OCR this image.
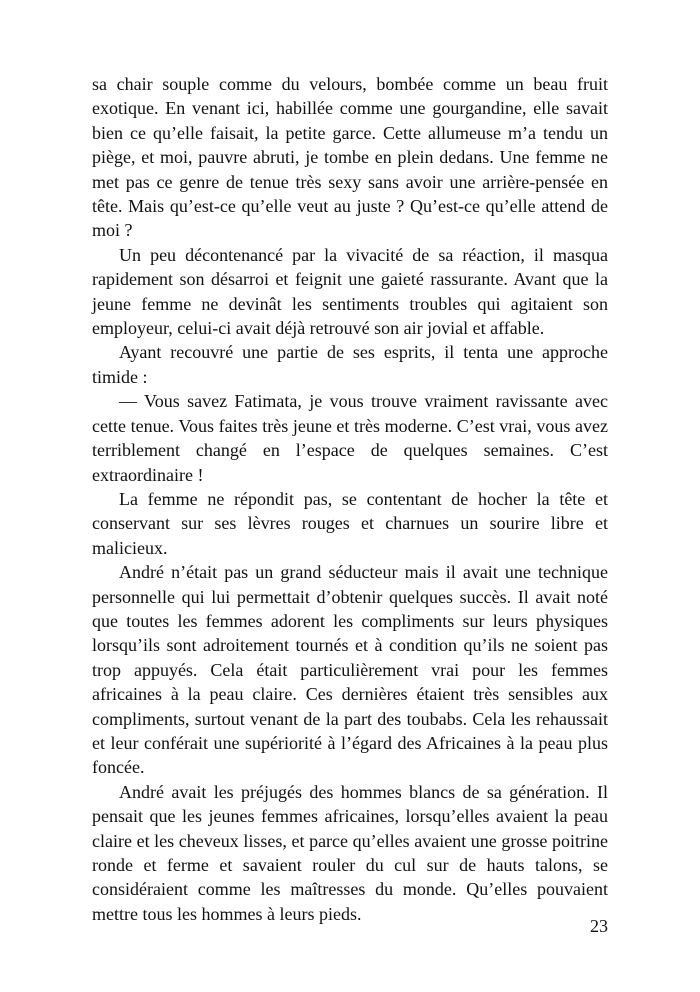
sa chair souple comme du velours, bombée comme un beau fruit exotique. En venant ici, habillée comme une gourgandine, elle savait bien ce qu’elle faisait, la petite garce. Cette allumeuse m’a tendu un piège, et moi, pauvre abruti, je tombe en plein dedans. Une femme ne met pas ce genre de tenue très sexy sans avoir une arrière-pensée en tête. Mais qu’est-ce qu’elle veut au juste ? Qu’est-ce qu’elle attend de moi ?

Un peu décontenancé par la vivacité de sa réaction, il masqua rapidement son désarroi et feignit une gaieté rassurante. Avant que la jeune femme ne devinât les sentiments troubles qui agitaient son employeur, celui-ci avait déjà retrouvé son air jovial et affable.

Ayant recouvré une partie de ses esprits, il tenta une approche timide :

— Vous savez Fatimata, je vous trouve vraiment ravissante avec cette tenue. Vous faites très jeune et très moderne. C’est vrai, vous avez terriblement changé en l’espace de quelques semaines. C’est extraordinaire !

La femme ne répondit pas, se contentant de hocher la tête et conservant sur ses lèvres rouges et charnues un sourire libre et malicieux.

André n’était pas un grand séducteur mais il avait une technique personnelle qui lui permettait d’obtenir quelques succès. Il avait noté que toutes les femmes adorent les compliments sur leurs physiques lorsqu’ils sont adroitement tournés et à condition qu’ils ne soient pas trop appuyés. Cela était particulièrement vrai pour les femmes africaines à la peau claire. Ces dernières étaient très sensibles aux compliments, surtout venant de la part des toubabs. Cela les rehaussait et leur conférait une supériorité à l’égard des Africaines à la peau plus foncée.

André avait les préjugés des hommes blancs de sa génération. Il pensait que les jeunes femmes africaines, lorsqu’elles avaient la peau claire et les cheveux lisses, et parce qu’elles avaient une grosse poitrine ronde et ferme et savaient rouler du cul sur de hauts talons, se considéraient comme les maîtresses du monde. Qu’elles pouvaient mettre tous les hommes à leurs pieds.

23
